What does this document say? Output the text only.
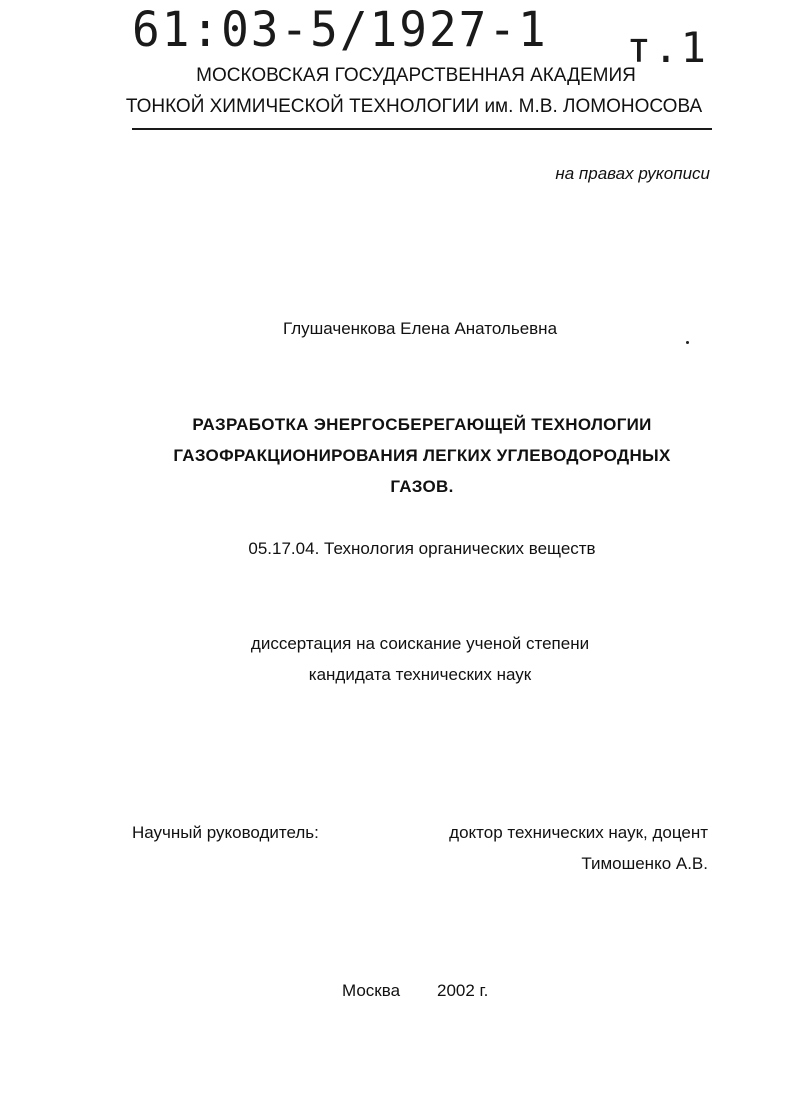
61:03-5/1927-1 т.1
МОСКОВСКАЯ ГОСУДАРСТВЕННАЯ АКАДЕМИЯ
ТОНКОЙ ХИМИЧЕСКОЙ ТЕХНОЛОГИИ им. М.В. ЛОМОНОСОВА
на правах рукописи
Глушаченкова Елена Анатольевна
РАЗРАБОТКА ЭНЕРГОСБЕРЕГАЮЩЕЙ ТЕХНОЛОГИИ
ГАЗОФРАКЦИОНИРОВАНИЯ ЛЕГКИХ УГЛЕВОДОРОДНЫХ
ГАЗОВ.
05.17.04. Технология органических веществ
диссертация на соискание ученой степени
кандидата технических наук
Научный руководитель:	доктор технических наук, доцент
Тимошенко А.В.
Москва 2002 г.
